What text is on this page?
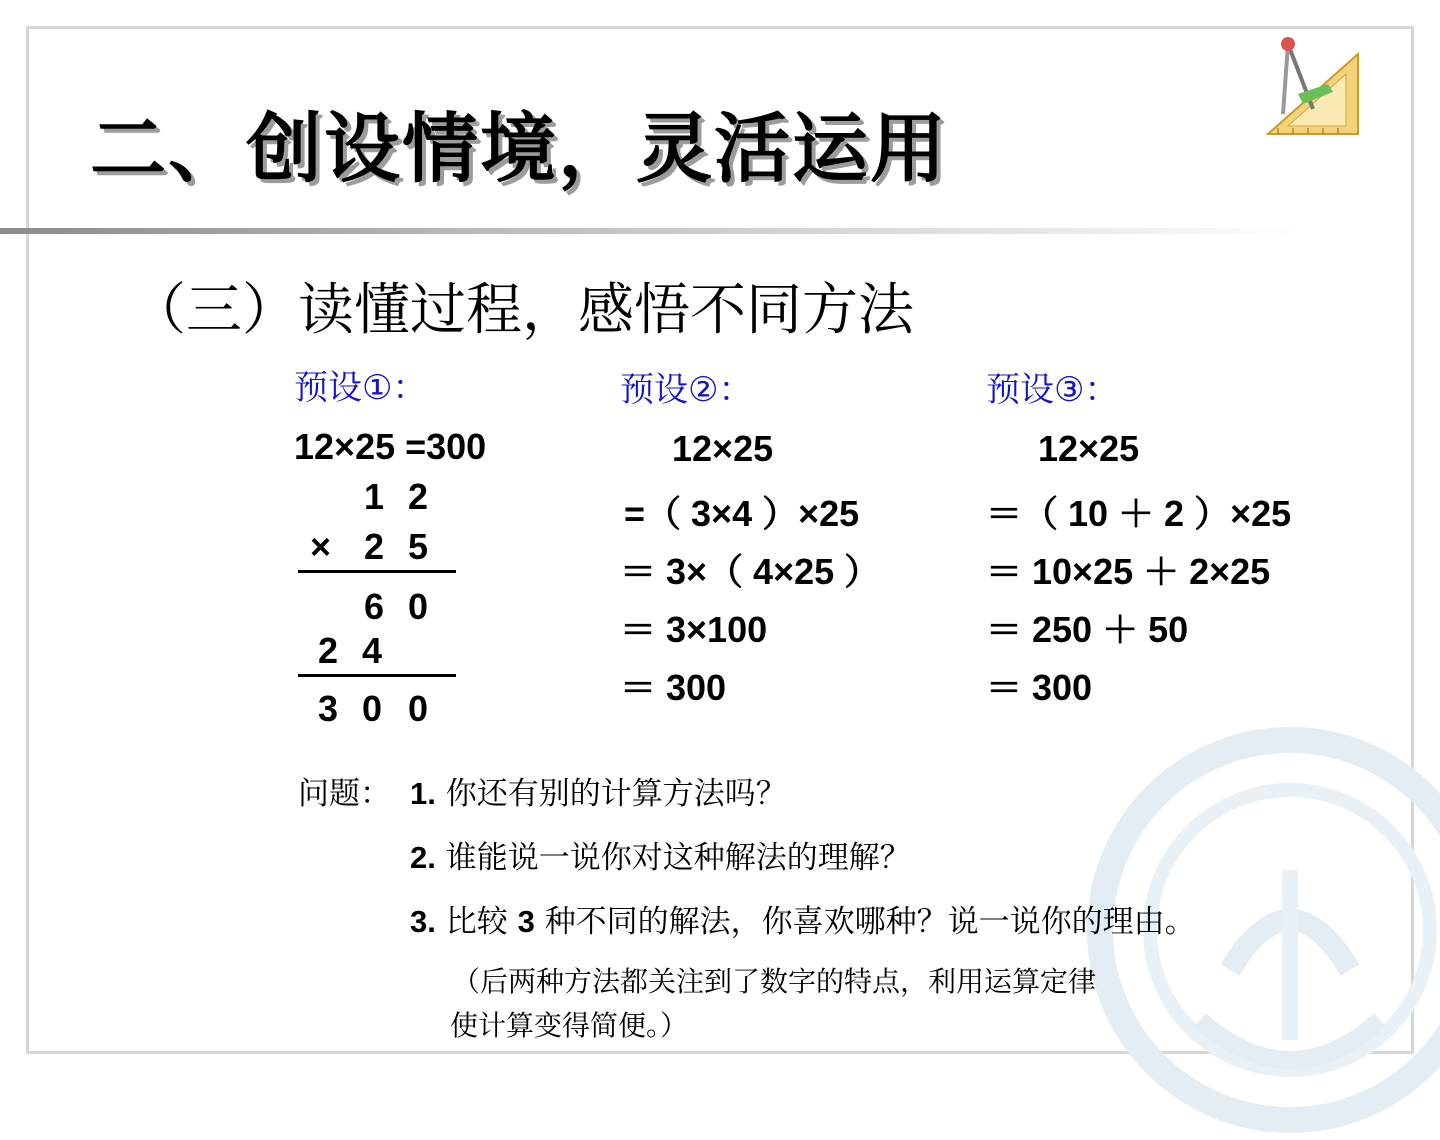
二、创设情境，灵活运用
（三）读懂过程，感悟不同方法
预设①：
12×25 =300
1 2
× 2 5
6 0
2 4
3 0 0
预设②：
12×25
=（ 3×4 ）×25
＝ 3×（ 4×25 ）
＝ 3×100
＝ 300
预设③：
12×25
＝（ 10 ＋ 2 ）×25
＝ 10×25 ＋ 2×25
＝ 250 ＋ 50
＝ 300
问题： 1. 你还有别的计算方法吗？
2. 谁能说一说你对这种解法的理解？
3. 比较 3 种不同的解法，你喜欢哪种？说一说你的理由。
（后两种方法都关注到了数字的特点，利用运算定律
使计算变得简便。）
